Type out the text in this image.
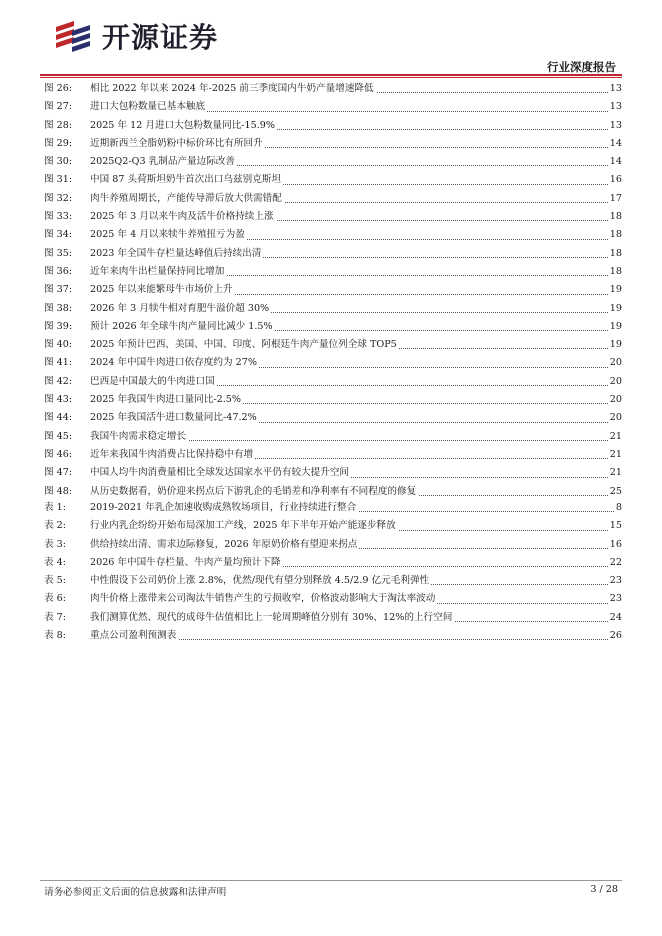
开源证券
行业深度报告
图 26:	相比 2022 年以来 2024 年-2025 前三季度国内牛奶产量增速降低	13
图 27:	进口大包粉数量已基本触底	13
图 28:	2025 年 12 月进口大包粉数量同比-15.9%	13
图 29:	近期新西兰全脂奶粉中标价环比有所回升	14
图 30:	2025Q2-Q3 乳制品产量边际改善	14
图 31:	中国 87 头荷斯坦奶牛首次出口乌兹别克斯坦	16
图 32:	肉牛养殖周期长，产能传导滞后放大供需错配	17
图 33:	2025 年 3 月以来牛肉及活牛价格持续上涨	18
图 34:	2025 年 4 月以来犊牛养殖扭亏为盈	18
图 35:	2023 年全国牛存栏量达峰值后持续出清	18
图 36:	近年来肉牛出栏量保持同比增加	18
图 37:	2025 年以来能繁母牛市场价上升	19
图 38:	2026 年 3 月犊牛相对育肥牛溢价超 30%	19
图 39:	预计 2026 年全球牛肉产量同比减少 1.5%	19
图 40:	2025 年预计巴西、美国、中国、印度、阿根廷牛肉产量位列全球 TOP5	19
图 41:	2024 年中国牛肉进口依存度约为 27%	20
图 42:	巴西是中国最大的牛肉进口国	20
图 43:	2025 年我国牛肉进口量同比-2.5%	20
图 44:	2025 年我国活牛进口数量同比-47.2%	20
图 45:	我国牛肉需求稳定增长	21
图 46:	近年来我国牛肉消费占比保持稳中有增	21
图 47:	中国人均牛肉消费量相比全球发达国家水平仍有较大提升空间	21
图 48:	从历史数据看，奶价迎来拐点后下游乳企的毛销差和净利率有不同程度的修复	25
表 1:	2019-2021 年乳企加速收购成熟牧场项目，行业持续进行整合	8
表 2:	行业内乳企纷纷开始布局深加工产线，2025 年下半年开始产能逐步释放	15
表 3:	供给持续出清、需求边际修复，2026 年原奶价格有望迎来拐点	16
表 4:	2026 年中国牛存栏量、牛肉产量均预计下降	22
表 5:	中性假设下公司奶价上涨 2.8%，优然/现代有望分别释放 4.5/2.9 亿元毛利弹性	23
表 6:	肉牛价格上涨带来公司淘汰牛销售产生的亏损收窄，价格波动影响大于淘汰率波动	23
表 7:	我们测算优然、现代的成母牛估值相比上一轮周期峰值分别有 30%、12%的上行空间	24
表 8:	重点公司盈利预测表	26
请务必参阅正文后面的信息披露和法律声明	3 / 28
